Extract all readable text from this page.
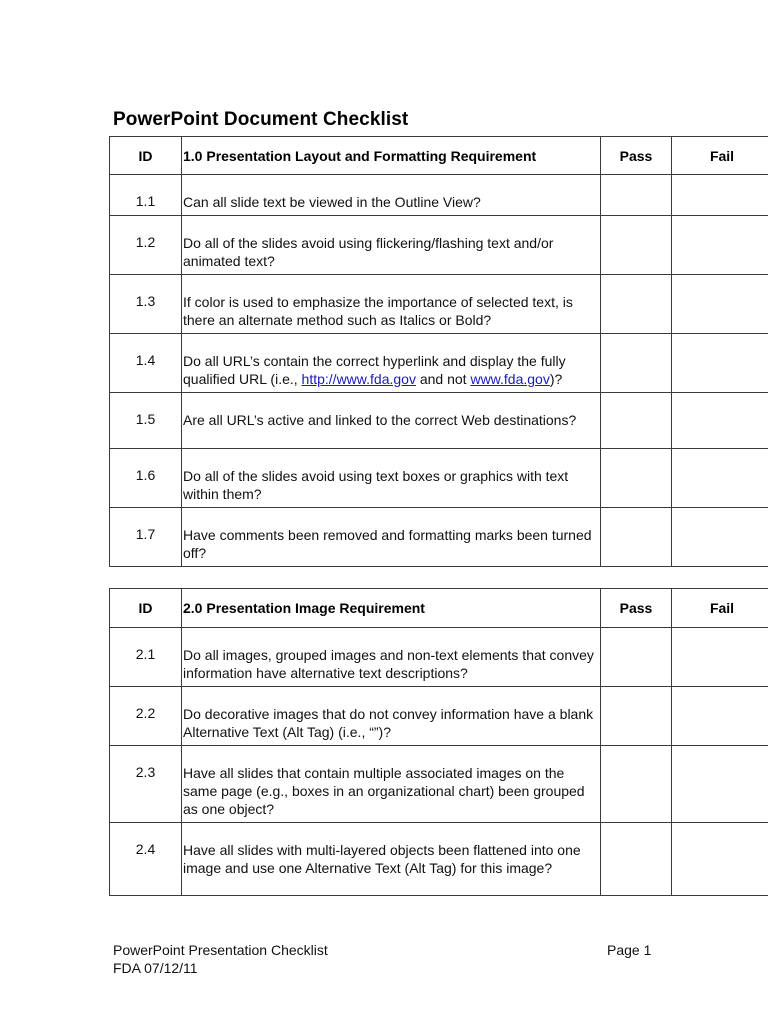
PowerPoint Document Checklist
ID	1.0 Presentation Layout and Formatting Requirement	Pass	Fail
1.1	Can all slide text be viewed in the Outline View?		
1.2	Do all of the slides avoid using flickering/flashing text and/or animated text?		
1.3	If color is used to emphasize the importance of selected text, is there an alternate method such as Italics or Bold?		
1.4	Do all URL’s contain the correct hyperlink and display the fully qualified URL (i.e., http://www.fda.gov and not www.fda.gov)?		
1.5	Are all URL’s active and linked to the correct Web destinations?		
1.6	Do all of the slides avoid using text boxes or graphics with text within them?		
1.7	Have comments been removed and formatting marks been turned off?		
ID	2.0 Presentation Image Requirement	Pass	Fail
2.1	Do all images, grouped images and non-text elements that convey information have alternative text descriptions?		
2.2	Do decorative images that do not convey information have a blank Alternative Text (Alt Tag) (i.e., “”)?		
2.3	Have all slides that contain multiple associated images on the same page (e.g., boxes in an organizational chart) been grouped as one object?		
2.4	Have all slides with multi-layered objects been flattened into one image and use one Alternative Text (Alt Tag) for this image?		
PowerPoint Presentation Checklist
FDA 07/12/11
Page 1
